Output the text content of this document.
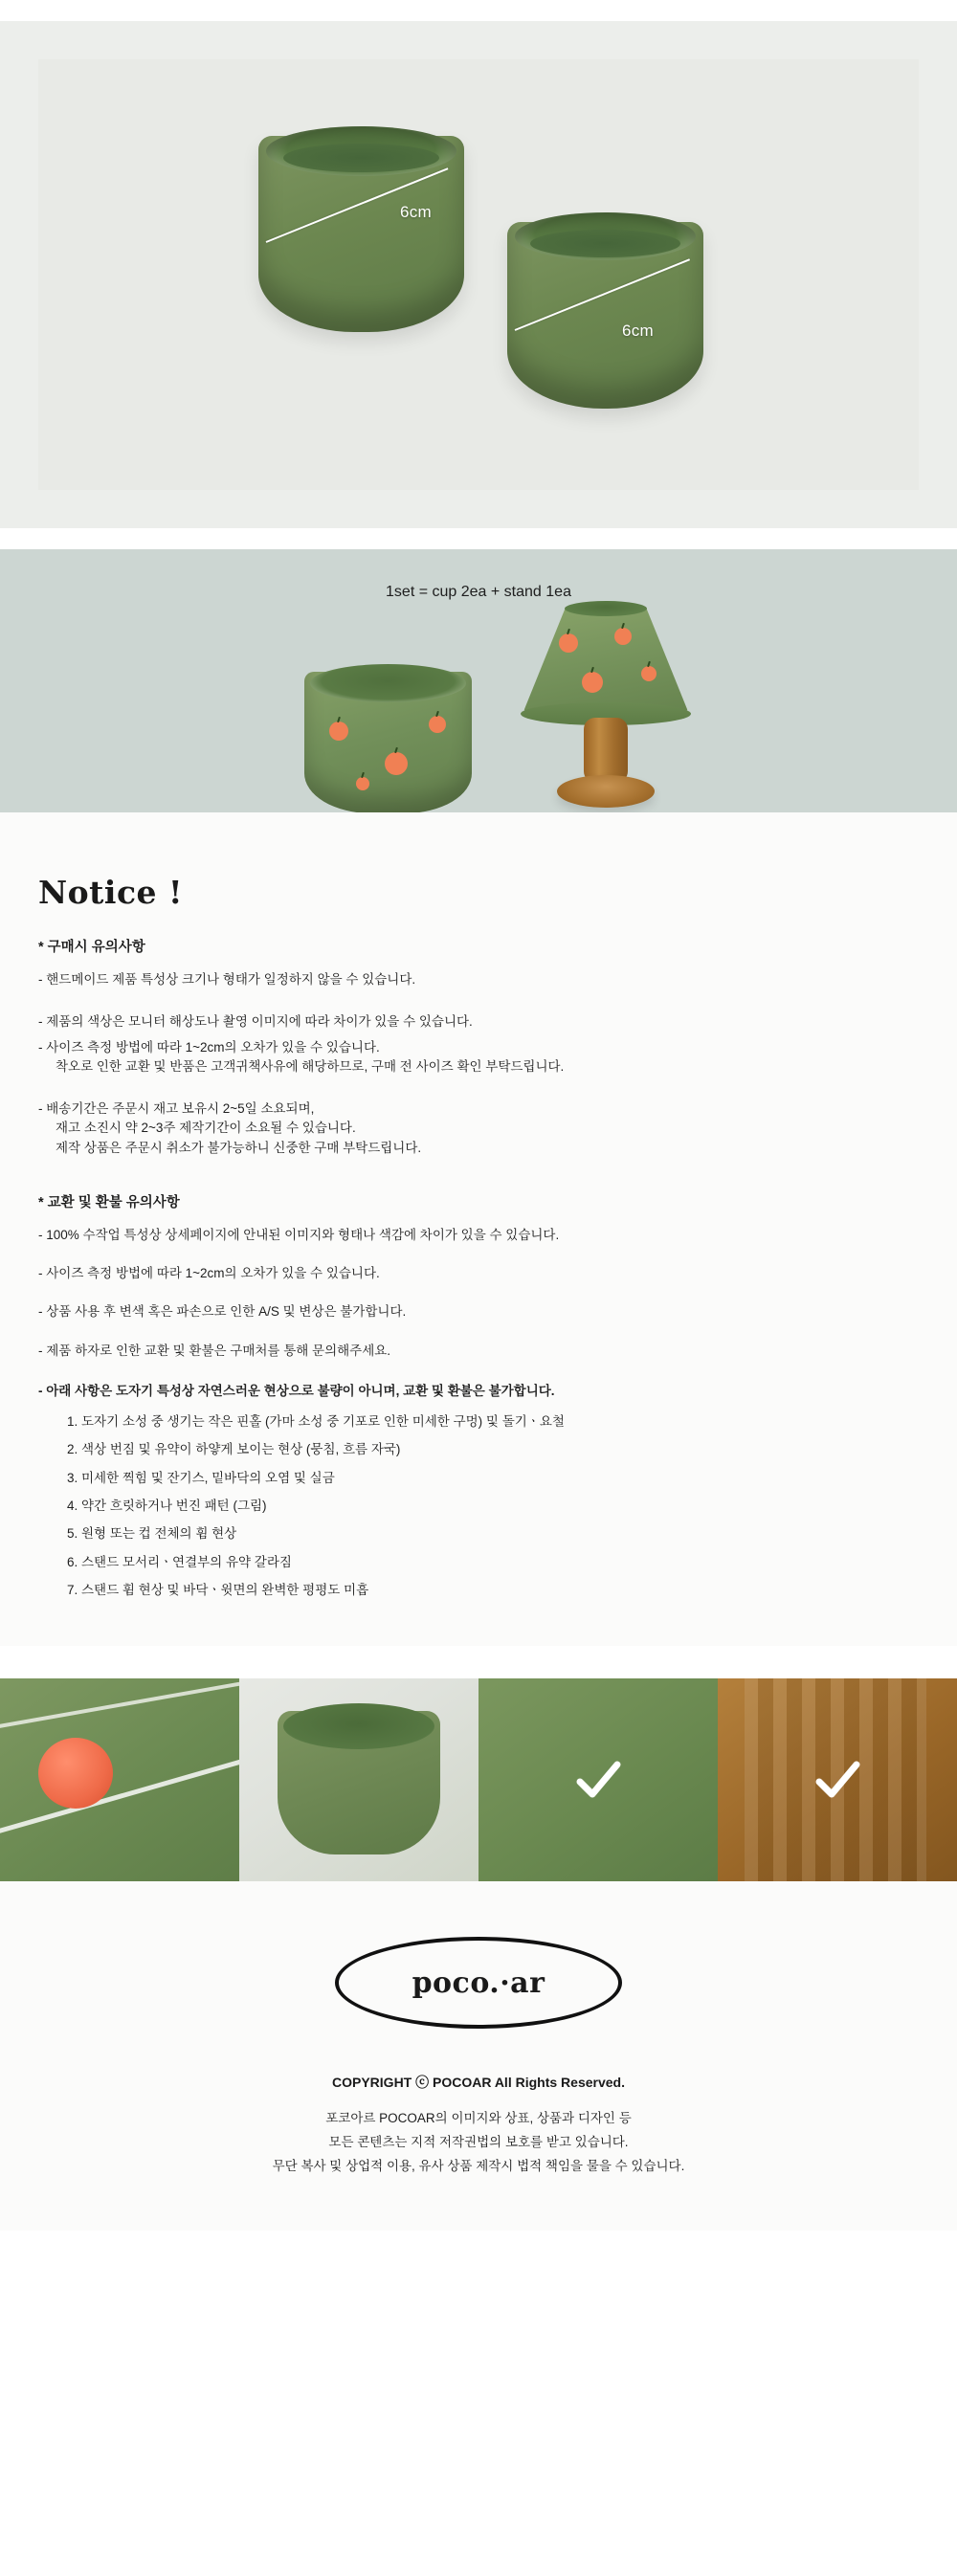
6cm
6cm
1set = cup 2ea + stand 1ea
Notice !
* 구매시 유의사항
- 핸드메이드 제품 특성상 크기나 형태가 일정하지 않을 수 있습니다.
- 제품의 색상은 모니터 해상도나 촬영 이미지에 따라 차이가 있을 수 있습니다.
- 사이즈 측정 방법에 따라 1~2cm의 오차가 있을 수 있습니다.
착오로 인한 교환 및 반품은 고객귀책사유에 해당하므로, 구매 전 사이즈 확인 부탁드립니다.
- 배송기간은 주문시 재고 보유시 2~5일 소요되며,
재고 소진시 약 2~3주 제작기간이 소요될 수 있습니다.
제작 상품은 주문시 취소가 불가능하니 신중한 구매 부탁드립니다.
* 교환 및 환불 유의사항
- 100% 수작업 특성상 상세페이지에 안내된 이미지와 형태나 색감에 차이가 있을 수 있습니다.
- 사이즈 측정 방법에 따라 1~2cm의 오차가 있을 수 있습니다.
- 상품 사용 후 변색 혹은 파손으로 인한 A/S 및 변상은 불가합니다.
- 제품 하자로 인한 교환 및 환불은 구매처를 통해 문의해주세요.
- 아래 사항은 도자기 특성상 자연스러운 현상으로 불량이 아니며, 교환 및 환불은 불가합니다.
1. 도자기 소성 중 생기는 작은 핀홀 (가마 소성 중 기포로 인한 미세한 구멍) 및 돌기ㆍ요철
2. 색상 번짐 및 유약이 하얗게 보이는 현상 (뭉침, 흐름 자국)
3. 미세한 찍힘 및 잔기스, 밑바닥의 오염 및 실금
4. 약간 흐릿하거나 번진 패턴 (그림)
5. 원형 또는 컵 전체의 휨 현상
6. 스탠드 모서리ㆍ연결부의 유약 갈라짐
7. 스탠드 휨 현상 및 바닥ㆍ윗면의 완벽한 평평도 미흡
poco.·ar
COPYRIGHT ⓒ POCOAR All Rights Reserved.
포코아르 POCOAR의 이미지와 상표, 상품과 디자인 등
모든 콘텐츠는 지적 저작권법의 보호를 받고 있습니다.
무단 복사 및 상업적 이용, 유사 상품 제작시 법적 책임을 물을 수 있습니다.
